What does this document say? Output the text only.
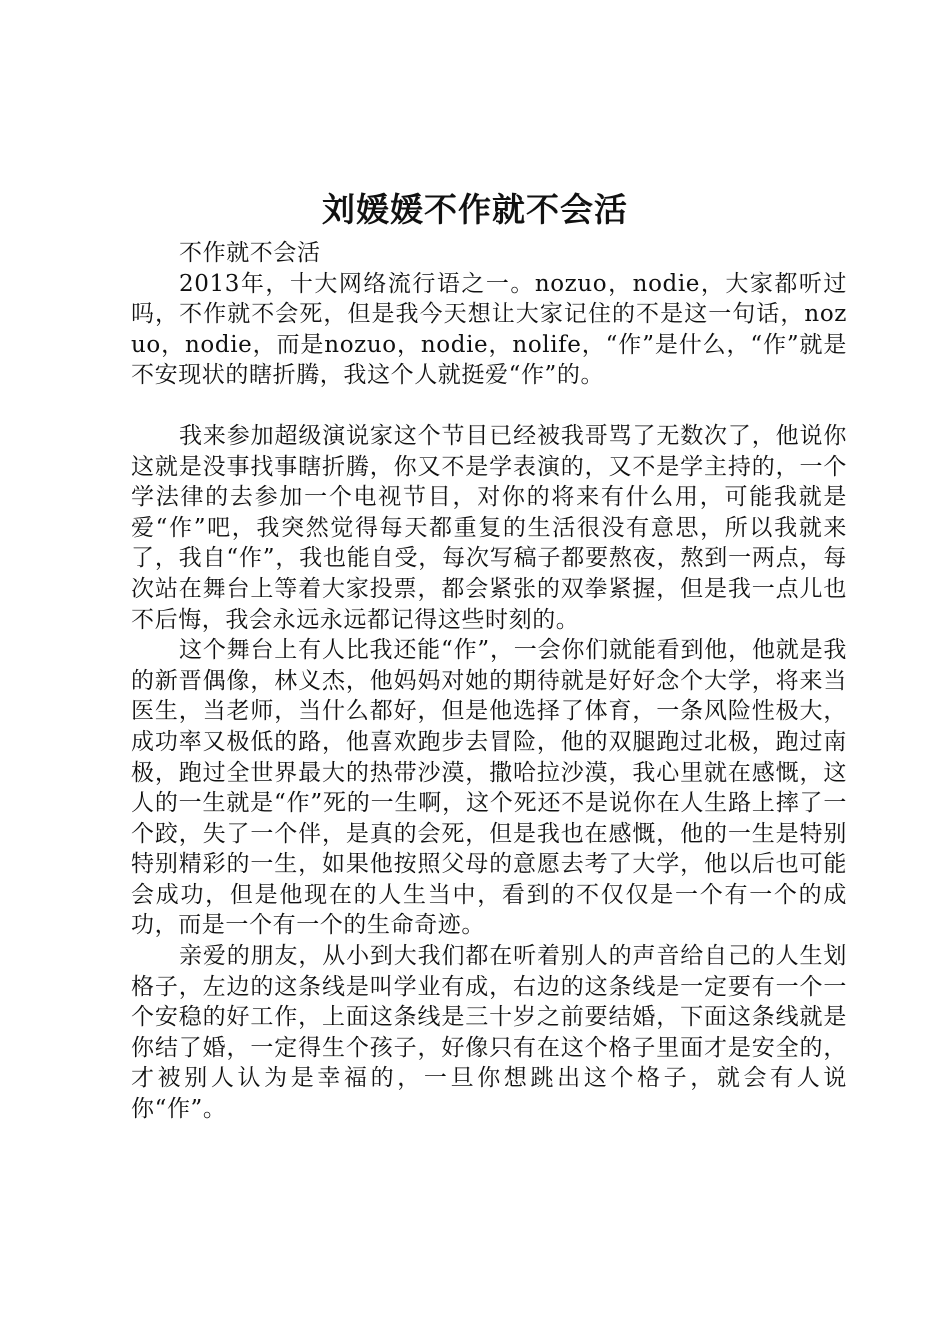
刘媛媛不作就不会活

不作就不会活

2013年，十大网络流行语之一。nozuo，nodie，大家都听过吗，不作就不会死，但是我今天想让大家记住的不是这一句话，nozuo，nodie，而是nozuo，nodie，nolife，“作”是什么，“作”就是不安现状的瞎折腾，我这个人就挺爱“作”的。

我来参加超级演说家这个节目已经被我哥骂了无数次了，他说你这就是没事找事瞎折腾，你又不是学表演的，又不是学主持的，一个学法律的去参加一个电视节目，对你的将来有什么用，可能我就是爱“作”吧，我突然觉得每天都重复的生活很没有意思，所以我就来了，我自“作”，我也能自受，每次写稿子都要熬夜，熬到一两点，每次站在舞台上等着大家投票，都会紧张的双拳紧握，但是我一点儿也不后悔，我会永远永远都记得这些时刻的。

这个舞台上有人比我还能“作”，一会你们就能看到他，他就是我的新晋偶像，林义杰，他妈妈对她的期待就是好好念个大学，将来当医生，当老师，当什么都好，但是他选择了体育，一条风险性极大，成功率又极低的路，他喜欢跑步去冒险，他的双腿跑过北极，跑过南极，跑过全世界最大的热带沙漠，撒哈拉沙漠，我心里就在感慨，这人的一生就是“作”死的一生啊，这个死还不是说你在人生路上摔了一个跤，失了一个伴，是真的会死，但是我也在感慨，他的一生是特别特别精彩的一生，如果他按照父母的意愿去考了大学，他以后也可能会成功，但是他现在的人生当中，看到的不仅仅是一个有一个的成功，而是一个有一个的生命奇迹。

亲爱的朋友，从小到大我们都在听着别人的声音给自己的人生划格子，左边的这条线是叫学业有成，右边的这条线是一定要有一个一个安稳的好工作，上面这条线是三十岁之前要结婚，下面这条线就是你结了婚，一定得生个孩子，好像只有在这个格子里面才是安全的，才被别人认为是幸福的，一旦你想跳出这个格子，就会有人说你“作”。
